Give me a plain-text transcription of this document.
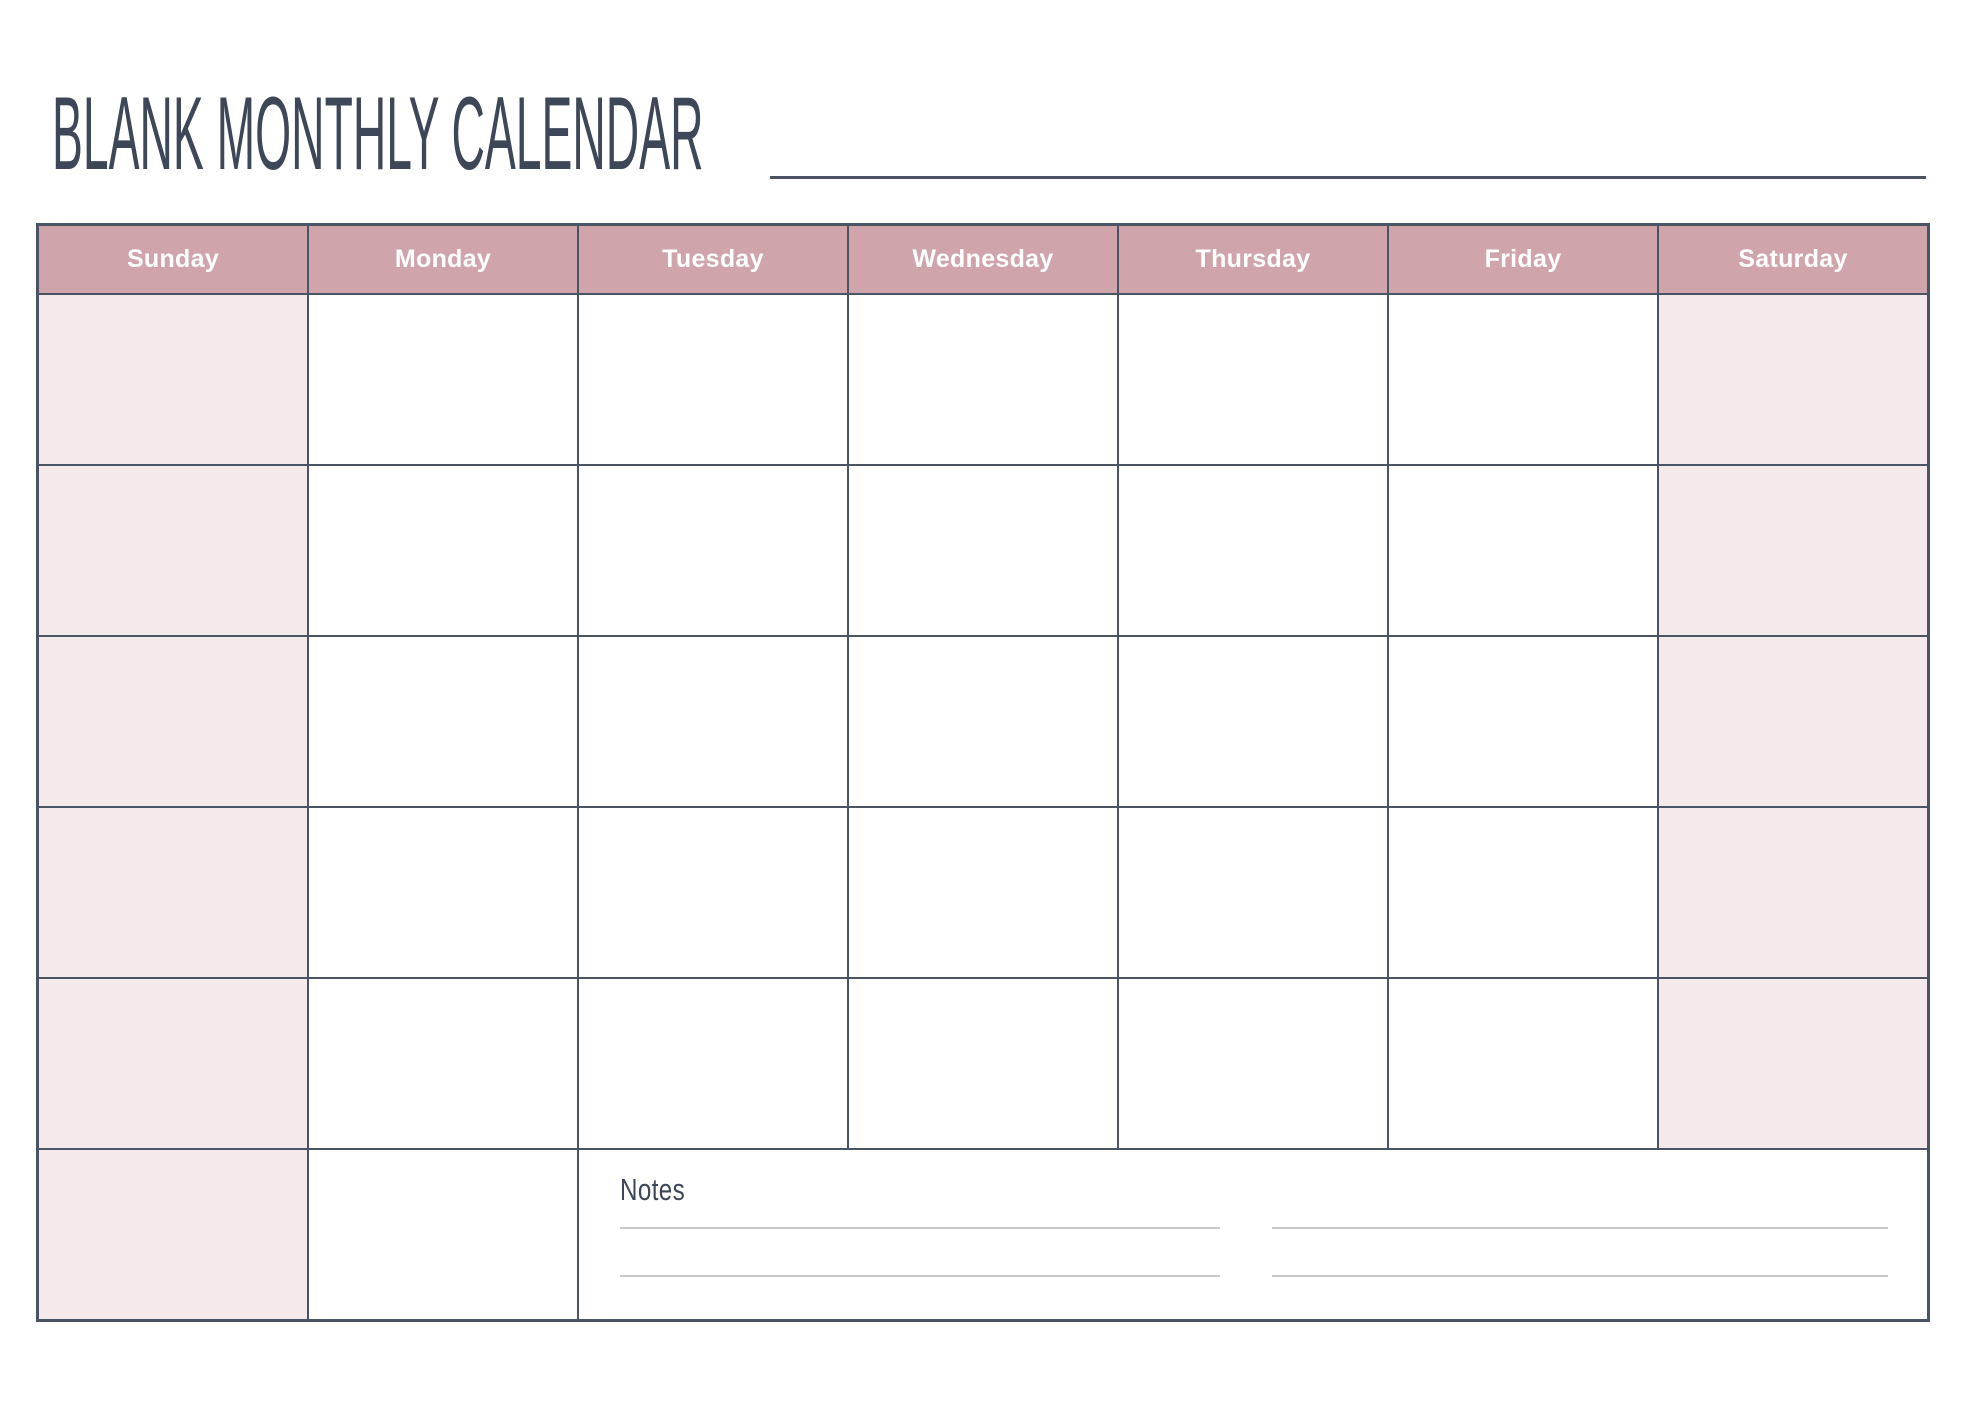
BLANK MONTHLY CALENDAR
Sunday	Monday	Tuesday	Wednesday	Thursday	Friday	Saturday
Notes
